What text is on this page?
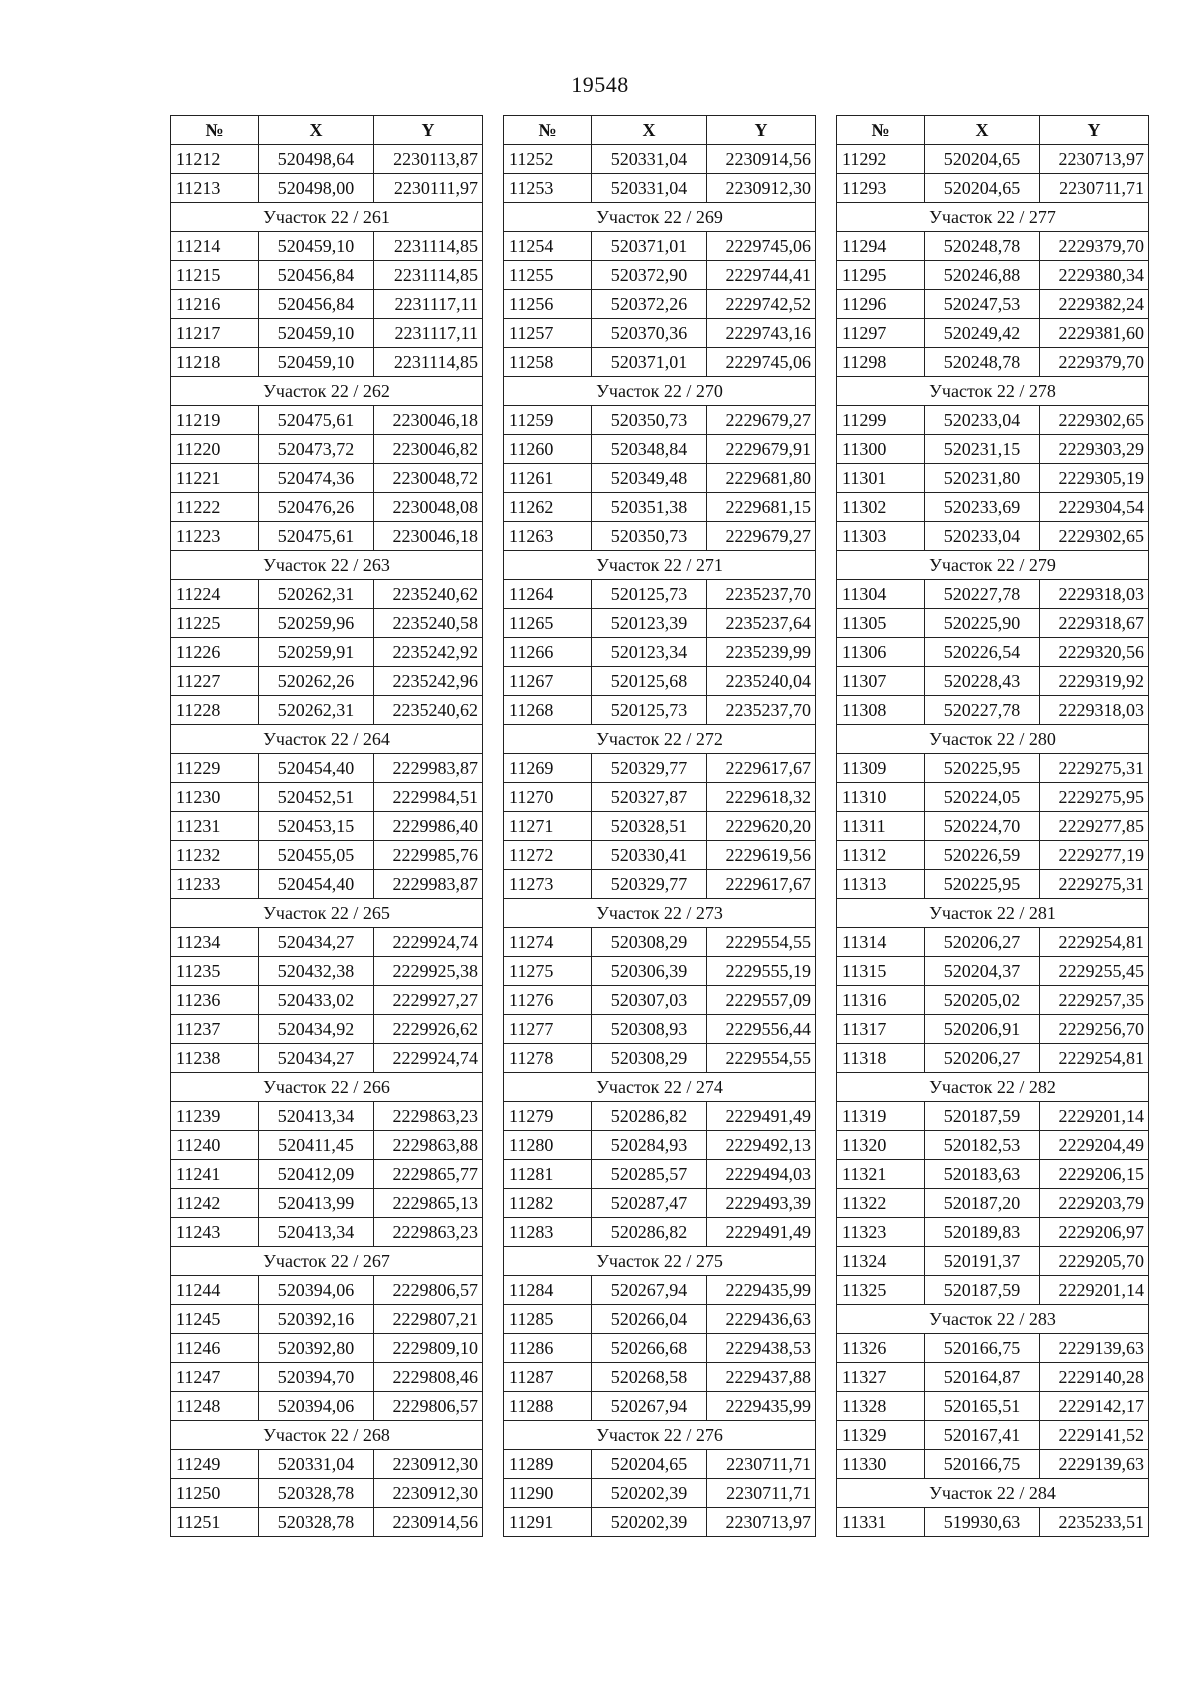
19548
№	X	Y
11212	520498,64	2230113,87
11213	520498,00	2230111,97
Участок 22 / 261		
11214	520459,10	2231114,85
11215	520456,84	2231114,85
11216	520456,84	2231117,11
11217	520459,10	2231117,11
11218	520459,10	2231114,85
Участок 22 / 262		
11219	520475,61	2230046,18
11220	520473,72	2230046,82
11221	520474,36	2230048,72
11222	520476,26	2230048,08
11223	520475,61	2230046,18
Участок 22 / 263		
11224	520262,31	2235240,62
11225	520259,96	2235240,58
11226	520259,91	2235242,92
11227	520262,26	2235242,96
11228	520262,31	2235240,62
Участок 22 / 264		
11229	520454,40	2229983,87
11230	520452,51	2229984,51
11231	520453,15	2229986,40
11232	520455,05	2229985,76
11233	520454,40	2229983,87
Участок 22 / 265		
11234	520434,27	2229924,74
11235	520432,38	2229925,38
11236	520433,02	2229927,27
11237	520434,92	2229926,62
11238	520434,27	2229924,74
Участок 22 / 266		
11239	520413,34	2229863,23
11240	520411,45	2229863,88
11241	520412,09	2229865,77
11242	520413,99	2229865,13
11243	520413,34	2229863,23
Участок 22 / 267		
11244	520394,06	2229806,57
11245	520392,16	2229807,21
11246	520392,80	2229809,10
11247	520394,70	2229808,46
11248	520394,06	2229806,57
Участок 22 / 268		
11249	520331,04	2230912,30
11250	520328,78	2230912,30
11251	520328,78	2230914,56
№	X	Y
11252	520331,04	2230914,56
11253	520331,04	2230912,30
Участок 22 / 269		
11254	520371,01	2229745,06
11255	520372,90	2229744,41
11256	520372,26	2229742,52
11257	520370,36	2229743,16
11258	520371,01	2229745,06
Участок 22 / 270		
11259	520350,73	2229679,27
11260	520348,84	2229679,91
11261	520349,48	2229681,80
11262	520351,38	2229681,15
11263	520350,73	2229679,27
Участок 22 / 271		
11264	520125,73	2235237,70
11265	520123,39	2235237,64
11266	520123,34	2235239,99
11267	520125,68	2235240,04
11268	520125,73	2235237,70
Участок 22 / 272		
11269	520329,77	2229617,67
11270	520327,87	2229618,32
11271	520328,51	2229620,20
11272	520330,41	2229619,56
11273	520329,77	2229617,67
Участок 22 / 273		
11274	520308,29	2229554,55
11275	520306,39	2229555,19
11276	520307,03	2229557,09
11277	520308,93	2229556,44
11278	520308,29	2229554,55
Участок 22 / 274		
11279	520286,82	2229491,49
11280	520284,93	2229492,13
11281	520285,57	2229494,03
11282	520287,47	2229493,39
11283	520286,82	2229491,49
Участок 22 / 275		
11284	520267,94	2229435,99
11285	520266,04	2229436,63
11286	520266,68	2229438,53
11287	520268,58	2229437,88
11288	520267,94	2229435,99
Участок 22 / 276		
11289	520204,65	2230711,71
11290	520202,39	2230711,71
11291	520202,39	2230713,97
№	X	Y
11292	520204,65	2230713,97
11293	520204,65	2230711,71
Участок 22 / 277		
11294	520248,78	2229379,70
11295	520246,88	2229380,34
11296	520247,53	2229382,24
11297	520249,42	2229381,60
11298	520248,78	2229379,70
Участок 22 / 278		
11299	520233,04	2229302,65
11300	520231,15	2229303,29
11301	520231,80	2229305,19
11302	520233,69	2229304,54
11303	520233,04	2229302,65
Участок 22 / 279		
11304	520227,78	2229318,03
11305	520225,90	2229318,67
11306	520226,54	2229320,56
11307	520228,43	2229319,92
11308	520227,78	2229318,03
Участок 22 / 280		
11309	520225,95	2229275,31
11310	520224,05	2229275,95
11311	520224,70	2229277,85
11312	520226,59	2229277,19
11313	520225,95	2229275,31
Участок 22 / 281		
11314	520206,27	2229254,81
11315	520204,37	2229255,45
11316	520205,02	2229257,35
11317	520206,91	2229256,70
11318	520206,27	2229254,81
Участок 22 / 282		
11319	520187,59	2229201,14
11320	520182,53	2229204,49
11321	520183,63	2229206,15
11322	520187,20	2229203,79
11323	520189,83	2229206,97
11324	520191,37	2229205,70
11325	520187,59	2229201,14
Участок 22 / 283		
11326	520166,75	2229139,63
11327	520164,87	2229140,28
11328	520165,51	2229142,17
11329	520167,41	2229141,52
11330	520166,75	2229139,63
Участок 22 / 284		
11331	519930,63	2235233,51
